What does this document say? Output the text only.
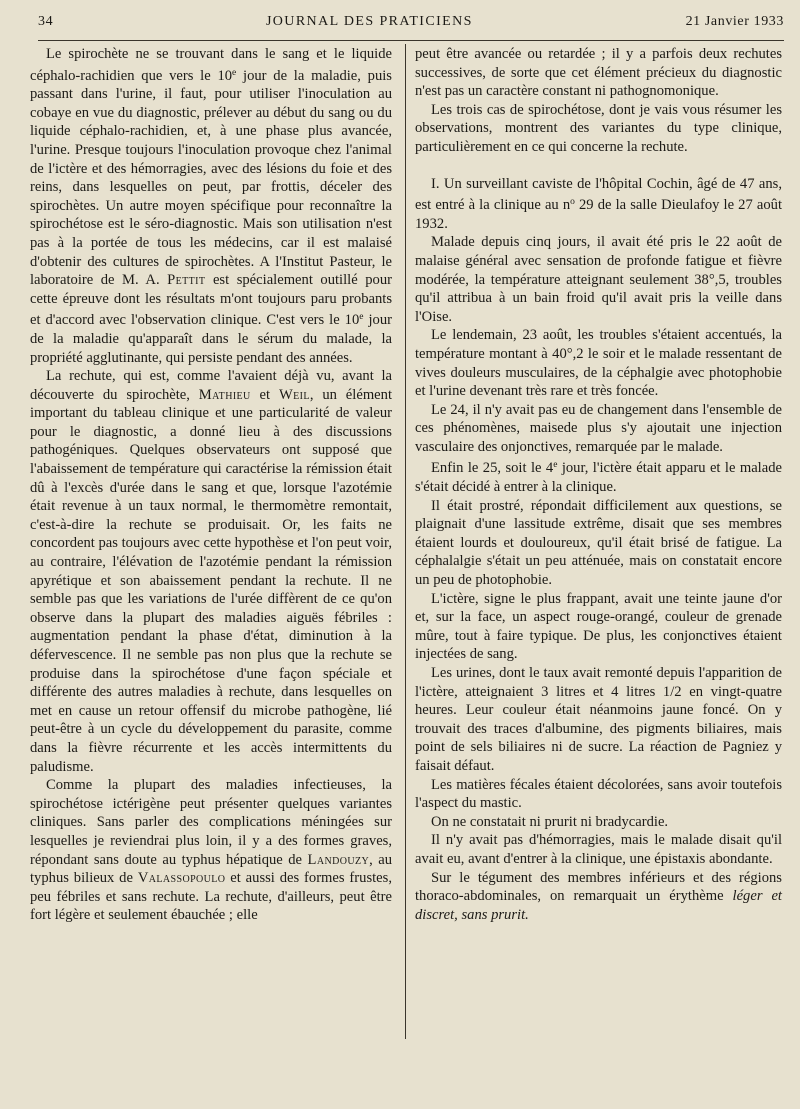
34	JOURNAL DES PRATICIENS	21 Janvier 1933

Le spirochète ne se trouvant dans le sang et le liquide céphalo-rachidien que vers le 10e jour de la maladie, puis passant dans l'urine, il faut, pour utiliser l'inoculation au cobaye en vue du diagnostic, prélever au début du sang ou du liquide céphalo-rachidien, et, à une phase plus avancée, l'urine. Presque toujours l'inoculation provoque chez l'animal de l'ictère et des hémorragies, avec des lésions du foie et des reins, dans lesquelles on peut, par frottis, déceler des spirochètes. Un autre moyen spécifique pour reconnaître la spirochétose est le séro-diagnostic. Mais son utilisation n'est pas à la portée de tous les médecins, car il est malaisé d'obtenir des cultures de spirochètes. A l'Institut Pasteur, le laboratoire de M. A. Pettit est spécialement outillé pour cette épreuve dont les résultats m'ont toujours paru probants et d'accord avec l'observation clinique. C'est vers le 10e jour de la maladie qu'apparaît dans le sérum du malade, la propriété agglutinante, qui persiste pendant des années.

La rechute, qui est, comme l'avaient déjà vu, avant la découverte du spirochète, Mathieu et Weil, un élément important du tableau clinique et une particularité de valeur pour le diagnostic, a donné lieu à des discussions pathogéniques. Quelques observateurs ont supposé que l'abaissement de température qui caractérise la rémission était dû à l'excès d'urée dans le sang et que, lorsque l'azotémie était revenue à un taux normal, le thermomètre remontait, c'est-à-dire la rechute se produisait. Or, les faits ne concordent pas toujours avec cette hypothèse et l'on peut voir, au contraire, l'élévation de l'azotémie pendant la rémission apyrétique et son abaissement pendant la rechute. Il ne semble pas que les variations de l'urée diffèrent de ce qu'on observe dans la plupart des maladies aiguës fébriles : augmentation pendant la phase d'état, diminution à la défervescence. Il ne semble pas non plus que la rechute se produise dans la spirochétose d'une façon spéciale et différente des autres maladies à rechute, dans lesquelles on met en cause un retour offensif du microbe pathogène, lié peut-être à un cycle du développement du parasite, comme dans la fièvre récurrente et les accès intermittents du paludisme.

Comme la plupart des maladies infectieuses, la spirochétose ictérigène peut présenter quelques variantes cliniques. Sans parler des complications méningées sur lesquelles je reviendrai plus loin, il y a des formes graves, répondant sans doute au typhus hépatique de Landouzy, au typhus bilieux de Valassopoulo et aussi des formes frustes, peu fébriles et sans rechute. La rechute, d'ailleurs, peut être fort légère et seulement ébauchée ; elle

peut être avancée ou retardée ; il y a parfois deux rechutes successives, de sorte que cet élément précieux du diagnostic n'est pas un caractère constant ni pathognomonique.

Les trois cas de spirochétose, dont je vais vous résumer les observations, montrent des variantes du type clinique, particulièrement en ce qui concerne la rechute.

I. Un surveillant caviste de l'hôpital Cochin, âgé de 47 ans, est entré à la clinique au $n^o$ 29 de la salle Dieulafoy le 27 août 1932.

Malade depuis cinq jours, il avait été pris le 22 août de malaise général avec sensation de profonde fatigue et fièvre modérée, la température atteignant seulement 38°,5, troubles qu'il attribua à un bain froid qu'il avait pris la veille dans l'Oise.

Le lendemain, 23 août, les troubles s'étaient accentués, la température montant à 40°,2 le soir et le malade ressentant de vives douleurs musculaires, de la céphalgie avec photophobie et l'urine devenant très rare et très foncée.

Le 24, il n'y avait pas eu de changement dans l'ensemble de ces phénomènes, maisede plus s'y ajoutait une injection vasculaire des onjonctives, remarquée par le malade.

Enfin le 25, soit le 4e jour, l'ictère était apparu et le malade s'était décidé à entrer à la clinique.

Il était prostré, répondait difficilement aux questions, se plaignait d'une lassitude extrême, disait que ses membres étaient lourds et douloureux, qu'il était brisé de fatigue. La céphalalgie s'était un peu atténuée, mais on constatait encore un peu de photophobie.

L'ictère, signe le plus frappant, avait une teinte jaune d'or et, sur la face, un aspect rouge-orangé, couleur de grenade mûre, tout à faire typique. De plus, les conjonctives étaient injectées de sang.

Les urines, dont le taux avait remonté depuis l'apparition de l'ictère, atteignaient 3 litres et 4 litres 1/2 en vingt-quatre heures. Leur couleur était néanmoins jaune foncé. On y trouvait des traces d'albumine, des pigments biliaires, mais point de sels biliaires ni de sucre. La réaction de Pagniez y faisait défaut.

Les matières fécales étaient décolorées, sans avoir toutefois l'aspect du mastic.

On ne constatait ni prurit ni bradycardie.

Il n'y avait pas d'hémorragies, mais le malade disait qu'il avait eu, avant d'entrer à la clinique, une épistaxis abondante.

Sur le tégument des membres inférieurs et des régions thoraco-abdominales, on remarquait un érythème léger et discret, sans prurit.
